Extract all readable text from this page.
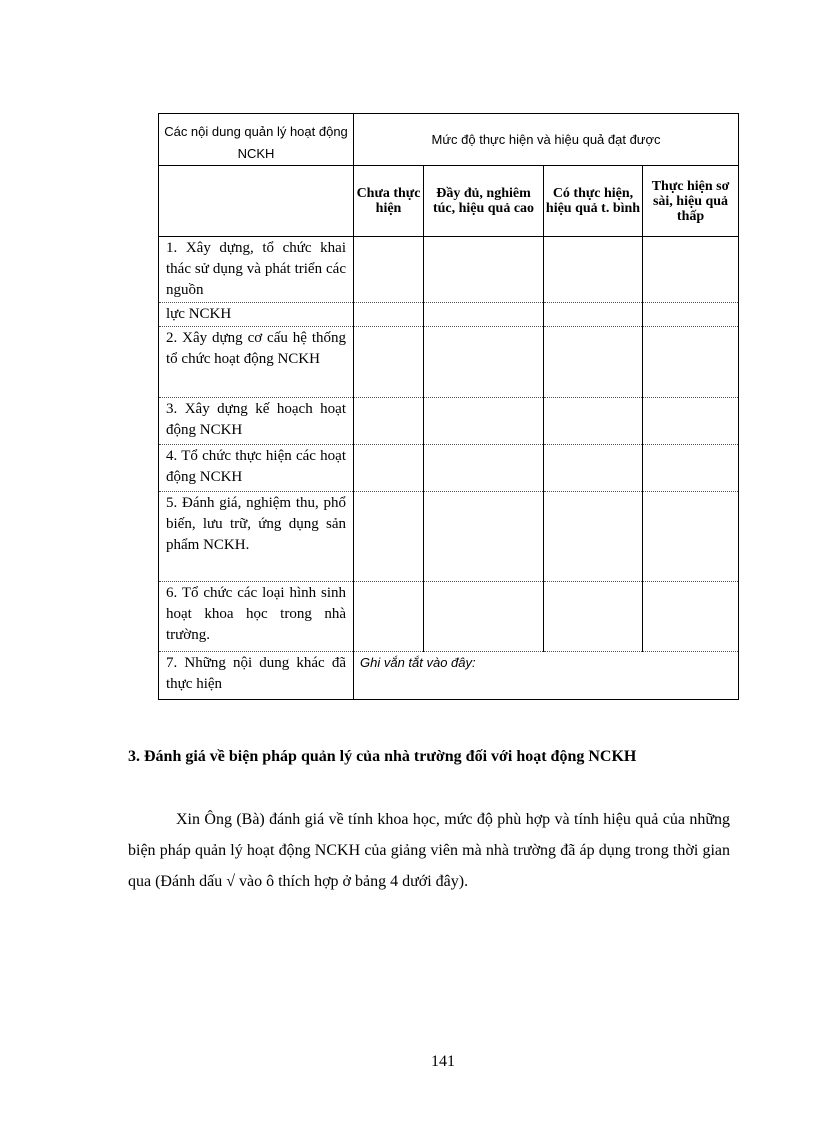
Các nội dung quản lý hoạt động NCKH	Mức độ thực hiện và hiệu quả đạt được			
	Chưa thực hiện	Đầy đủ, nghiêm túc, hiệu quả cao	Có thực hiện, hiệu quả t. bình	Thực hiện sơ sài, hiệu quả thấp
1. Xây dựng, tổ chức khai thác sử dụng và phát triển các nguồn				
lực NCKH				
2. Xây dựng cơ cấu hệ thống tổ chức hoạt động NCKH				
3. Xây dựng kế hoạch hoạt động NCKH				
4. Tổ chức thực hiện các hoạt động NCKH				
5. Đánh giá, nghiệm thu, phổ biến, lưu trữ, ứng dụng sản phẩm NCKH.				
6. Tổ chức các loại hình sinh hoạt khoa học trong nhà trường.				
7. Những nội dung khác đã thực hiện	Ghi vắn tắt vào đây:			

3. Đánh giá về biện pháp quản lý của nhà trường đối với hoạt động NCKH

Xin Ông (Bà) đánh giá về tính khoa học, mức độ phù hợp và tính hiệu quả của những biện pháp quản lý hoạt động NCKH của giảng viên mà nhà trường đã áp dụng trong thời gian qua (Đánh dấu √ vào ô thích hợp ở bảng 4 dưới đây).

141
